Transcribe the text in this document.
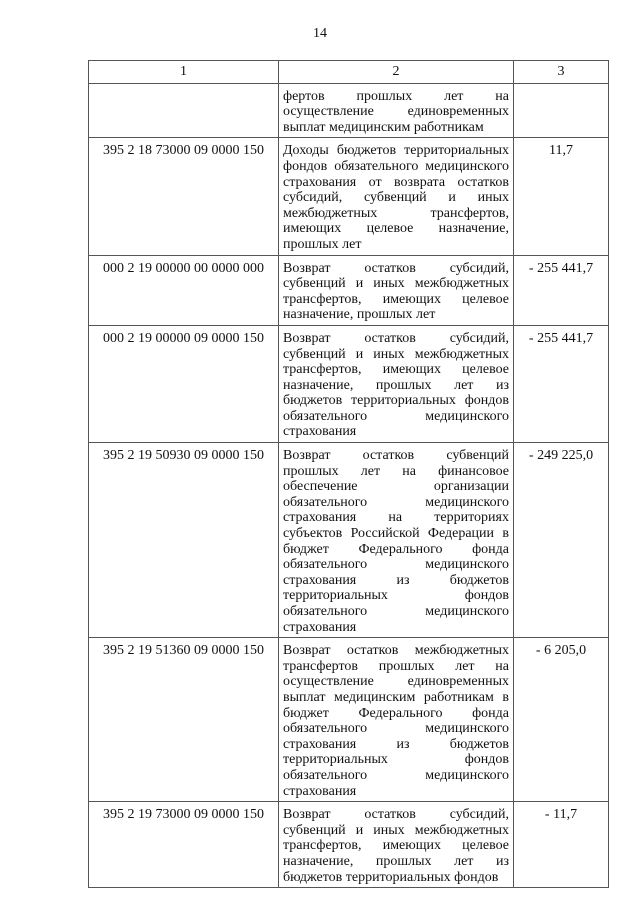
14
1	2	3
	фертов прошлых лет на осуществление единовременных выплат медицинским работникам	
395 2 18 73000 09 0000 150	Доходы бюджетов территориальных фондов обязательного медицинского страхования от возврата остатков субсидий, субвенций и иных межбюджетных трансфертов, имеющих целевое назначение, прошлых лет	11,7
000 2 19 00000 00 0000 000	Возврат остатков субсидий, субвенций и иных межбюджетных трансфертов, имеющих целевое назначение, прошлых лет	- 255 441,7
000 2 19 00000 09 0000 150	Возврат остатков субсидий, субвенций и иных межбюджетных трансфертов, имеющих целевое назначение, прошлых лет из бюджетов территориальных фондов обязательного медицинского страхования	- 255 441,7
395 2 19 50930 09 0000 150	Возврат остатков субвенций прошлых лет на финансовое обеспечение организации обязательного медицинского страхования на территориях субъектов Российской Федерации в бюджет Федерального фонда обязательного медицинского страхования из бюджетов территориальных фондов обязательного медицинского страхования	- 249 225,0
395 2 19 51360 09 0000 150	Возврат остатков межбюджетных трансфертов прошлых лет на осуществление единовременных выплат медицинским работникам в бюджет Федерального фонда обязательного медицинского страхования из бюджетов территориальных фондов обязательного медицинского страхования	- 6 205,0
395 2 19 73000 09 0000 150	Возврат остатков субсидий, субвенций и иных межбюджетных трансфертов, имеющих целевое назначение, прошлых лет из бюджетов территориальных фондов	- 11,7
